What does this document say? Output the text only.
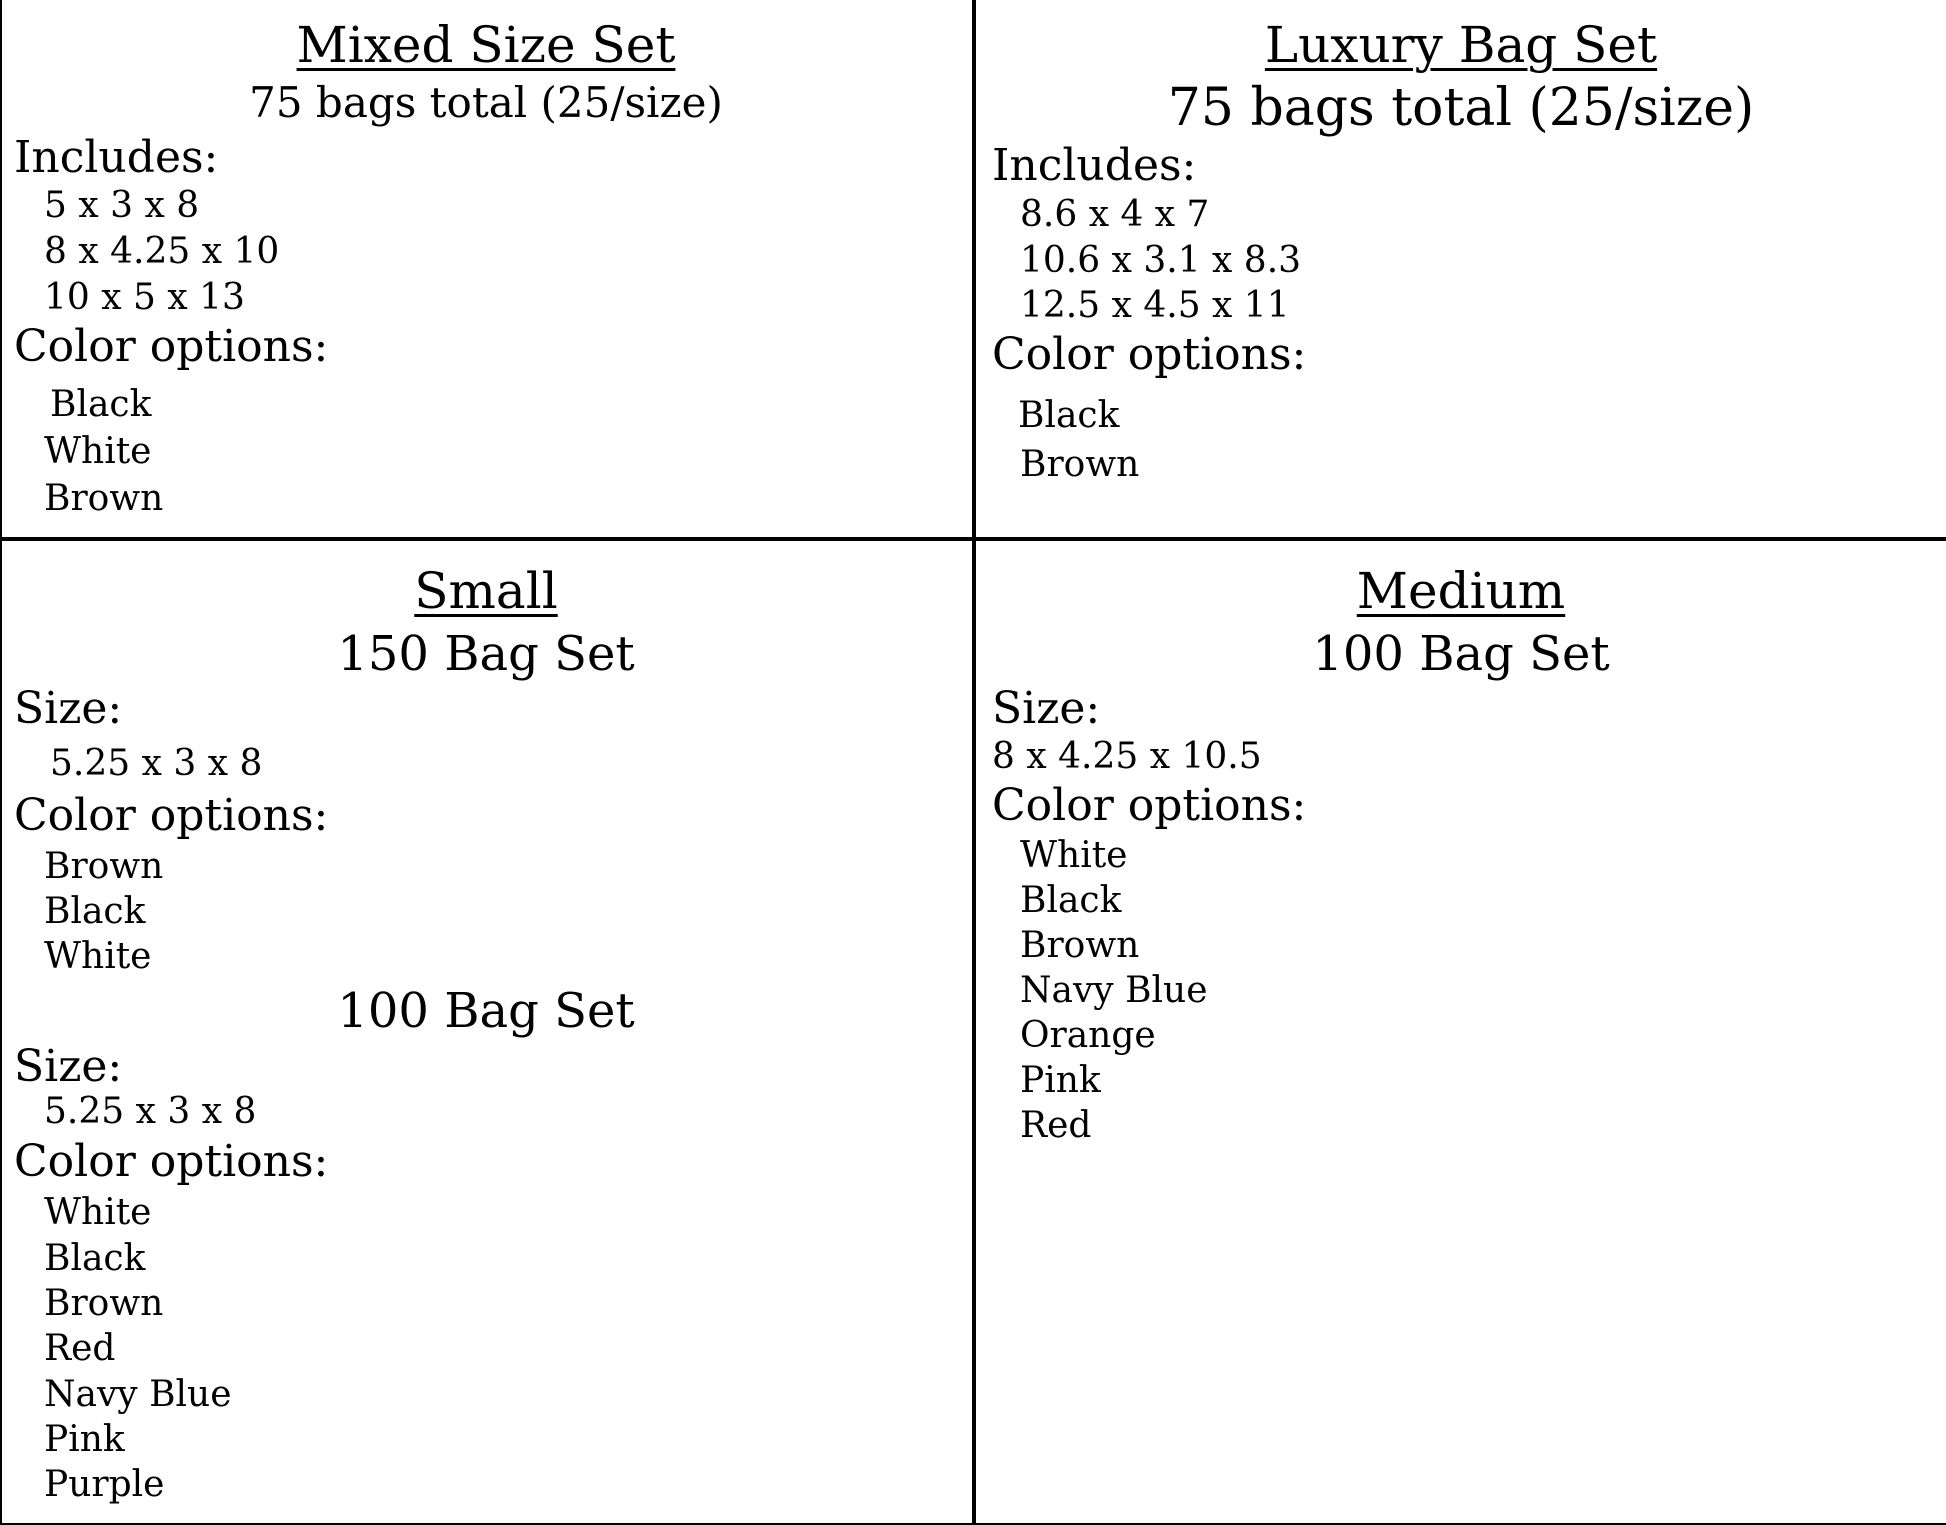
Mixed Size Set
75 bags total (25/size)
Includes:
5 x 3 x 8
8 x 4.25 x 10
10 x 5 x 13
Color options:
Black
White
Brown
Luxury Bag Set
75 bags total (25/size)
Includes:
8.6 x 4 x 7
10.6 x 3.1 x 8.3
12.5 x 4.5 x 11
Color options:
Black
Brown
Small
150 Bag Set
Size:
5.25 x 3 x 8
Color options:
Brown
Black
White
100 Bag Set
Size:
5.25 x 3 x 8
Color options:
White
Black
Brown
Red
Navy Blue
Pink
Purple
Medium
100 Bag Set
Size:
8 x 4.25 x 10.5
Color options:
White
Black
Brown
Navy Blue
Orange
Pink
Red
